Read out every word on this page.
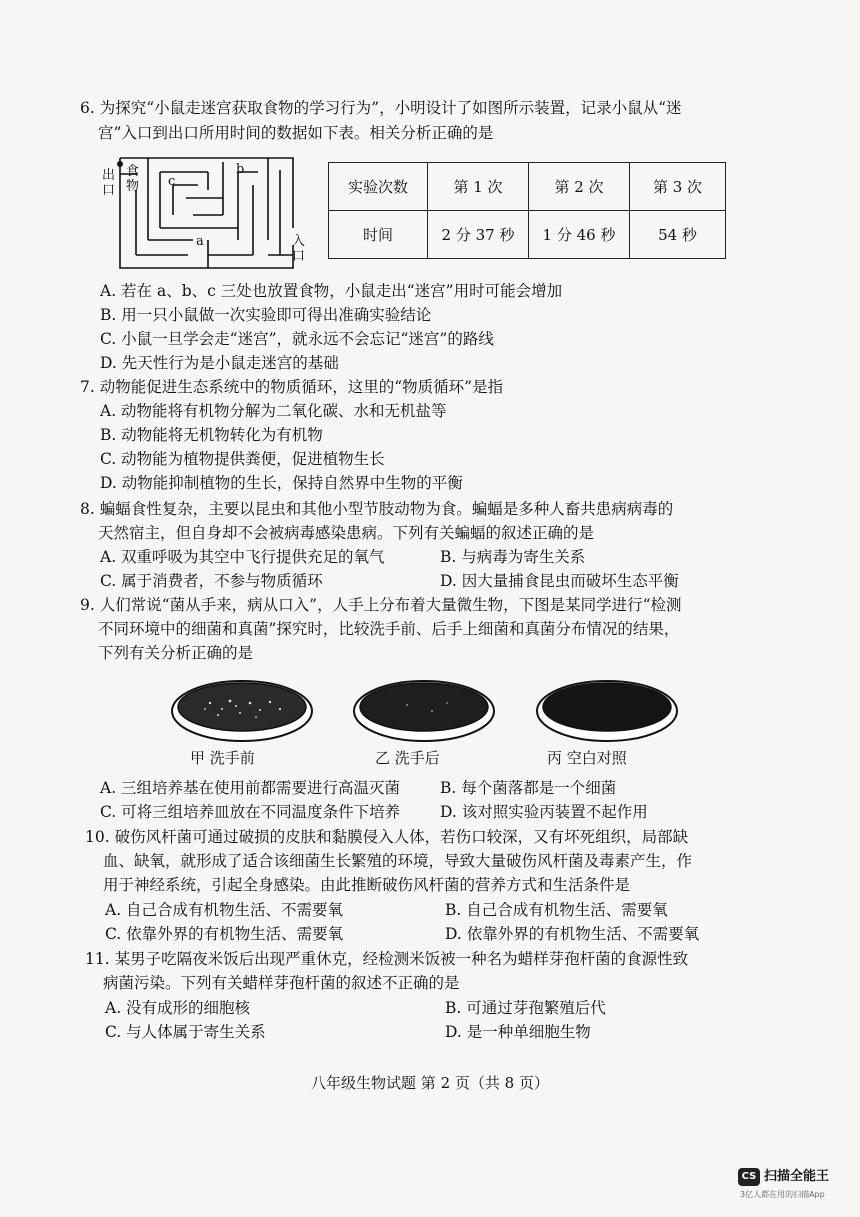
6. 为探究“小鼠走迷宫获取食物的学习行为”，小明设计了如图所示装置，记录小鼠从“迷
宫”入口到出口所用时间的数据如下表。相关分析正确的是
出口
食物
入口
a
b
c	实验次数	第 1 次	第 2 次	第 3 次
时间	2 分 37 秒	1 分 46 秒	54 秒
A. 若在 a、b、c 三处也放置食物，小鼠走出“迷宫”用时可能会增加
B. 用一只小鼠做一次实验即可得出准确实验结论
C. 小鼠一旦学会走“迷宫”，就永远不会忘记“迷宫”的路线
D. 先天性行为是小鼠走迷宫的基础
7. 动物能促进生态系统中的物质循环，这里的“物质循环”是指
A. 动物能将有机物分解为二氧化碳、水和无机盐等
B. 动物能将无机物转化为有机物
C. 动物能为植物提供粪便，促进植物生长
D. 动物能抑制植物的生长，保持自然界中生物的平衡
8. 蝙蝠食性复杂，主要以昆虫和其他小型节肢动物为食。蝙蝠是多种人畜共患病病毒的
天然宿主，但自身却不会被病毒感染患病。下列有关蝙蝠的叙述正确的是
A. 双重呼吸为其空中飞行提供充足的氧气	B. 与病毒为寄生关系
C. 属于消费者，不参与物质循环	D. 因大量捕食昆虫而破坏生态平衡
9. 人们常说“菌从手来，病从口入”，人手上分布着大量微生物，下图是某同学进行“检测
不同环境中的细菌和真菌”探究时，比较洗手前、后手上细菌和真菌分布情况的结果，
下列有关分析正确的是
甲 洗手前	乙 洗手后	丙 空白对照
A. 三组培养基在使用前都需要进行高温灭菌	B. 每个菌落都是一个细菌
C. 可将三组培养皿放在不同温度条件下培养	D. 该对照实验丙装置不起作用
10. 破伤风杆菌可通过破损的皮肤和黏膜侵入人体，若伤口较深，又有坏死组织，局部缺
血、缺氧，就形成了适合该细菌生长繁殖的环境，导致大量破伤风杆菌及毒素产生，作
用于神经系统，引起全身感染。由此推断破伤风杆菌的营养方式和生活条件是
A. 自己合成有机物生活、不需要氧	B. 自己合成有机物生活、需要氧
C. 依靠外界的有机物生活、需要氧	D. 依靠外界的有机物生活、不需要氧
11. 某男子吃隔夜米饭后出现严重休克，经检测米饭被一种名为蜡样芽孢杆菌的食源性致
病菌污染。下列有关蜡样芽孢杆菌的叙述不正确的是
A. 没有成形的细胞核	B. 可通过芽孢繁殖后代
C. 与人体属于寄生关系	D. 是一种单细胞生物
八年级生物试题 第 2 页（共 8 页）
CS 扫描全能王
3亿人都在用的扫描App
